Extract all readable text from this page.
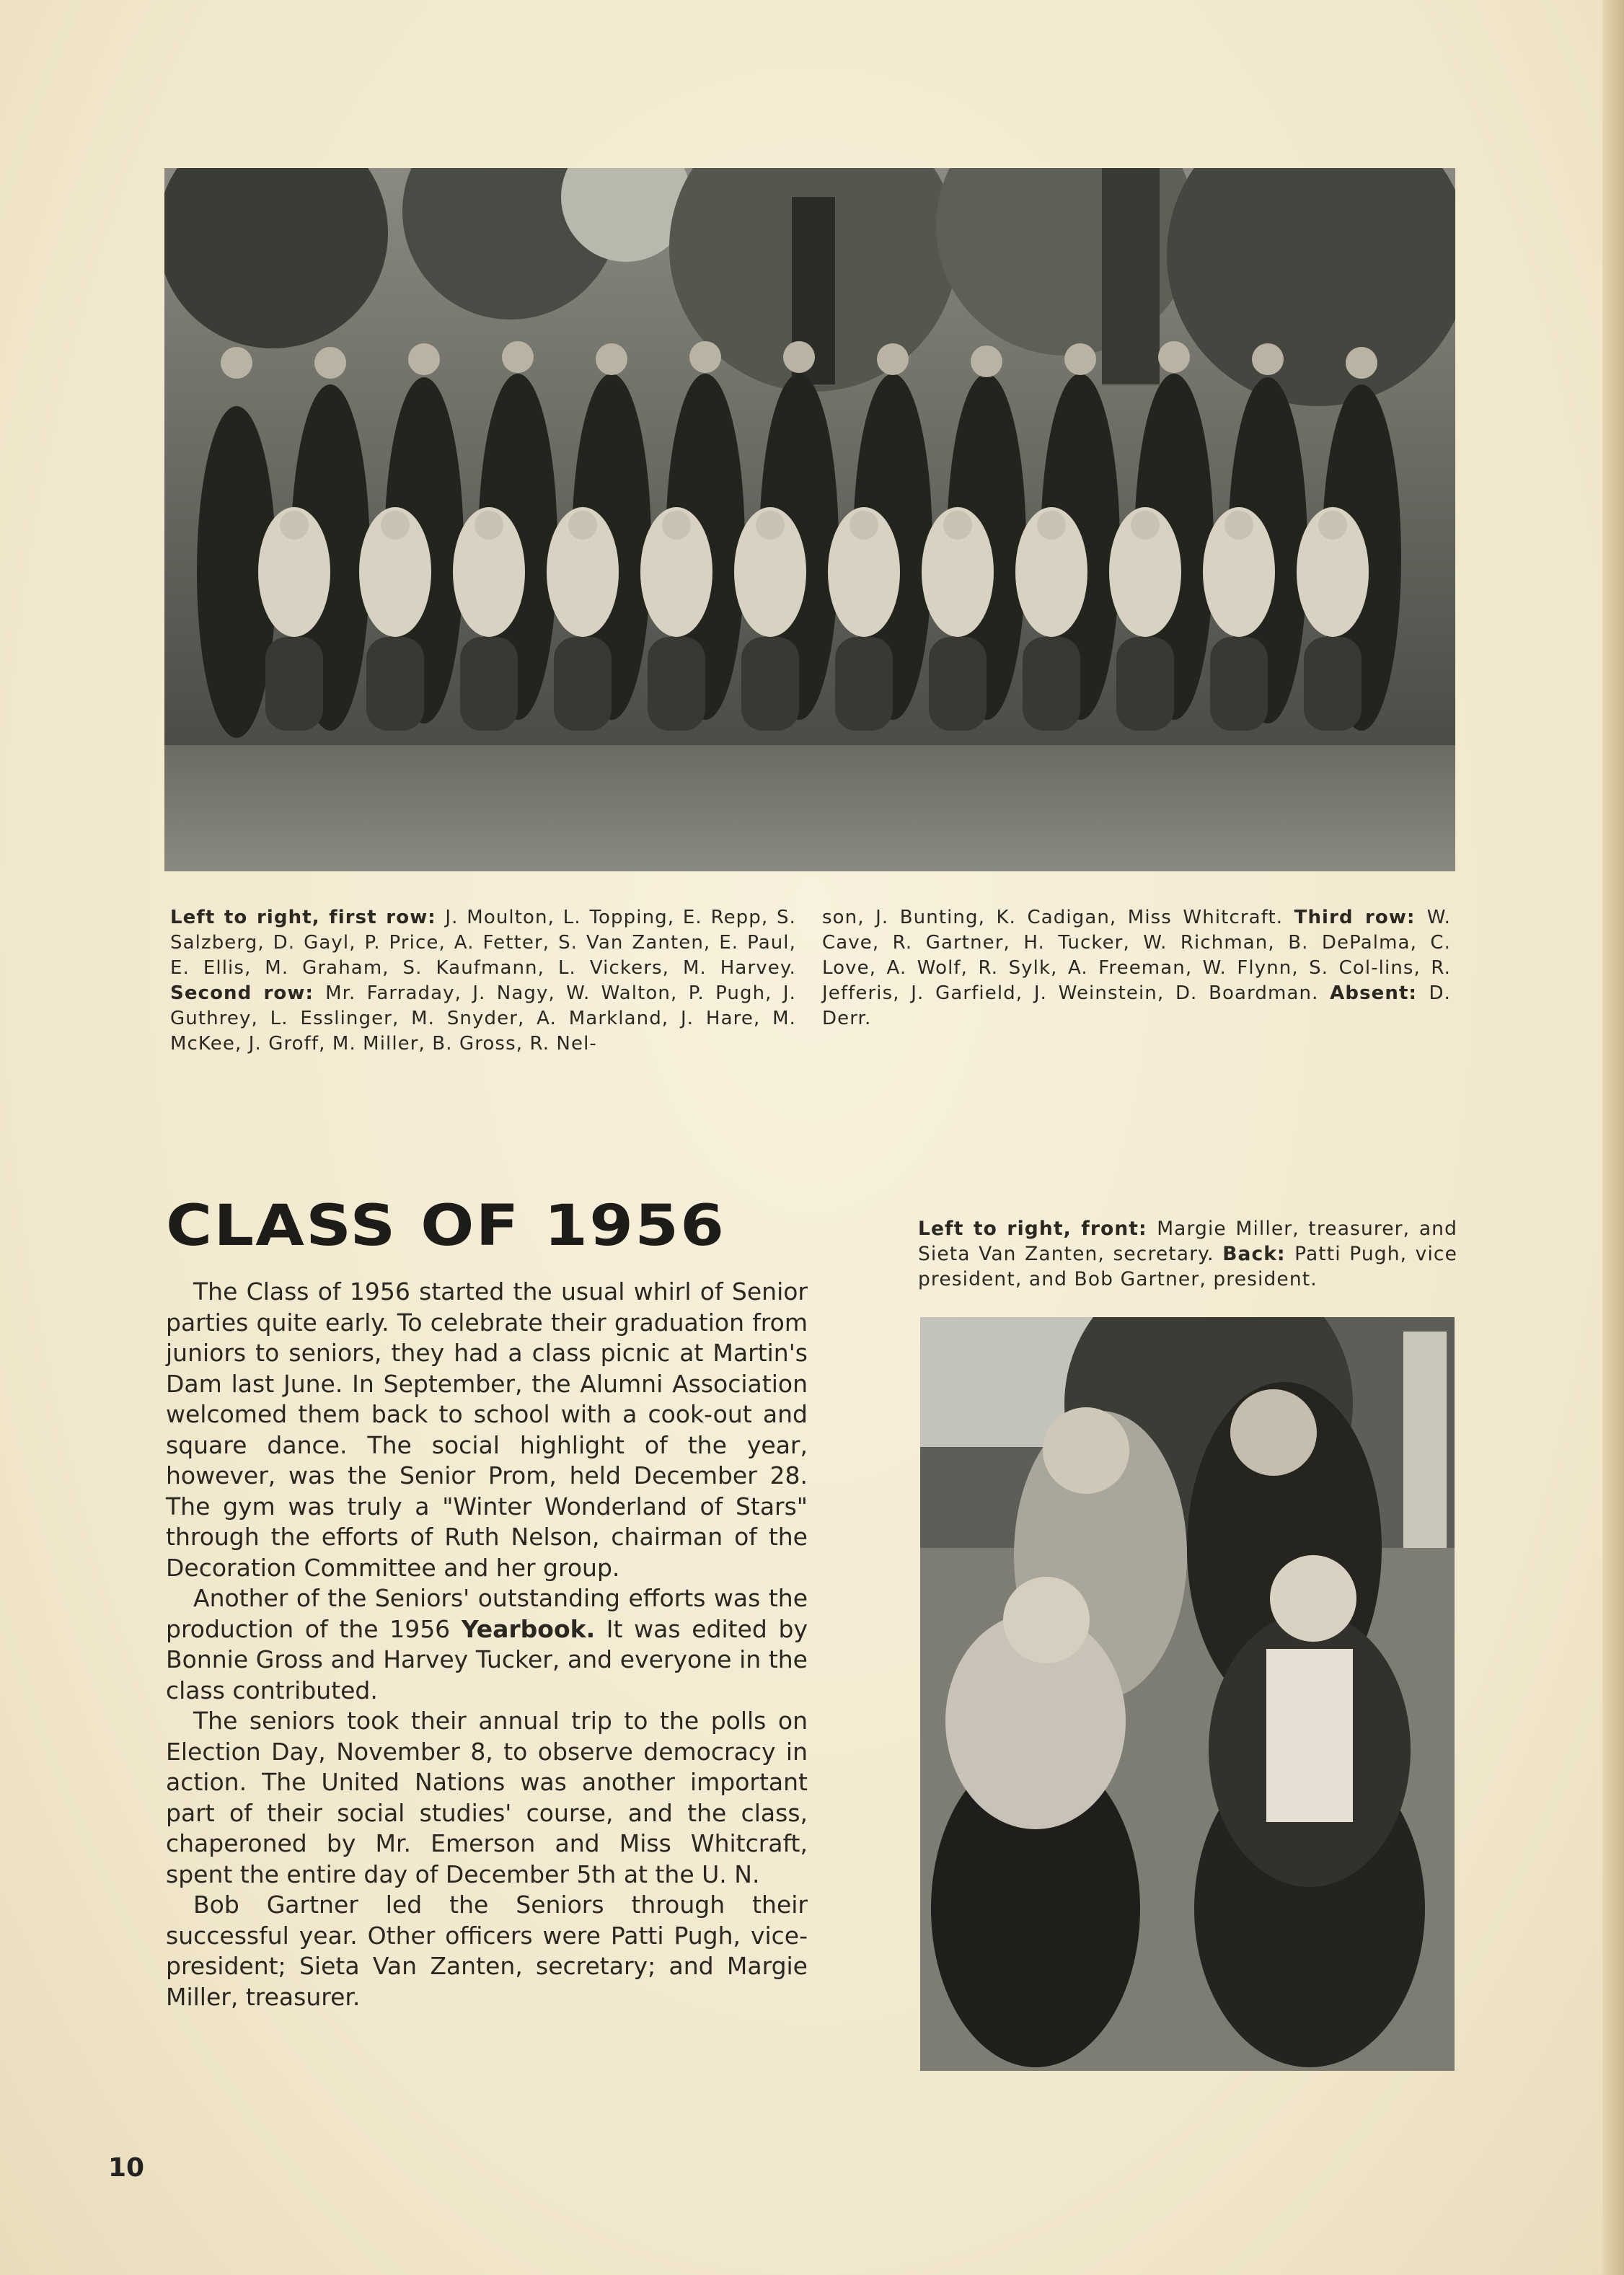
Left to right, first row: J. Moulton, L. Topping, E. Repp, S. Salzberg, D. Gayl, P. Price, A. Fetter, S. Van Zanten, E. Paul, E. Ellis, M. Graham, S. Kaufmann, L. Vickers, M. Harvey. Second row: Mr. Farraday, J. Nagy, W. Walton, P. Pugh, J. Guthrey, L. Esslinger, M. Snyder, A. Markland, J. Hare, M. McKee, J. Groff, M. Miller, B. Gross, R. Nel-
son, J. Bunting, K. Cadigan, Miss Whitcraft. Third row: W. Cave, R. Gartner, H. Tucker, W. Richman, B. DePalma, C. Love, A. Wolf, R. Sylk, A. Freeman, W. Flynn, S. Col-lins, R. Jefferis, J. Garfield, J. Weinstein, D. Boardman. Absent: D. Derr.
CLASS OF 1956

The Class of 1956 started the usual whirl of Senior parties quite early. To celebrate their graduation from juniors to seniors, they had a class picnic at Martin's Dam last June. In September, the Alumni Association welcomed them back to school with a cook-out and square dance. The social highlight of the year, however, was the Senior Prom, held December 28. The gym was truly a "Winter Wonderland of Stars" through the efforts of Ruth Nelson, chairman of the Decoration Committee and her group.

Another of the Seniors' outstanding efforts was the production of the 1956 Yearbook. It was edited by Bonnie Gross and Harvey Tucker, and everyone in the class contributed.

The seniors took their annual trip to the polls on Election Day, November 8, to observe democracy in action. The United Nations was another important part of their social studies' course, and the class, chaperoned by Mr. Emerson and Miss Whitcraft, spent the entire day of December 5th at the U. N.

Bob Gartner led the Seniors through their successful year. Other officers were Patti Pugh, vice-president; Sieta Van Zanten, secretary; and Margie Miller, treasurer.

Left to right, front: Margie Miller, treasurer, and Sieta Van Zanten, secretary. Back: Patti Pugh, vice president, and Bob Gartner, president.
10
